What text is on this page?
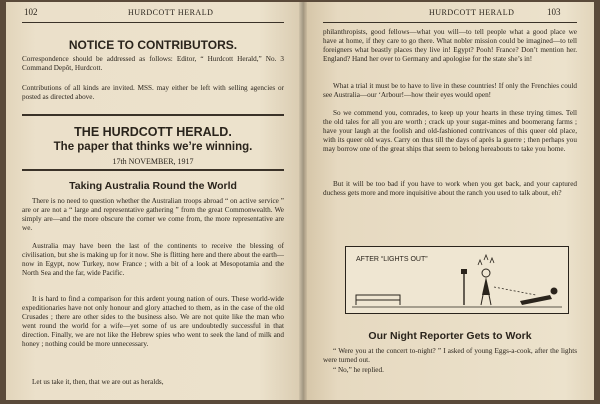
102	HURDCOTT HERALD
NOTICE TO CONTRIBUTORS.
Correspondence should be addressed as follows: Editor, “ Hurdcott Herald,” No. 3 Command Depôt, Hurdcott.
Contributions of all kinds are invited. MSS. may either be left with selling agencies or posted as directed above.
THE HURDCOTT HERALD.
The paper that thinks we’re winning.
17th NOVEMBER, 1917
Taking Australia Round the World
There is no need to question whether the Australian troops abroad “ on active service ” are or are not a “ large and representative gathering ” from the great Commonwealth. We simply are—and the more obscure the corner we come from, the more representative are we.
Australia may have been the last of the continents to receive the blessing of civilisation, but she is making up for it now. She is flitting here and there about the earth—now in Egypt, now Turkey, now France ; with a bit of a look at Mesopotamia and the North Sea and the far, wide Pacific.
It is hard to find a comparison for this ardent young nation of ours. These world-wide expeditionaries have not only honour and glory attached to them, as in the case of the old Crusades ; there are other sides to the business also. We are not quite like the man who went round the world for a wife—yet some of us are undoubtedly successful in that direction. Finally, we are not like the Hebrew spies who went to seek the land of milk and honey ; nothing could be more unnecessary.
Let us take it, then, that we are out as heralds,
HURDCOTT HERALD	103
philanthropists, good fellows—what you will—to tell people what a good place we have at home, if they care to go there. What nobler mission could be imagined—to tell foreigners what beastly places they live in! Egypt? Pooh! France? Don’t mention her. England? Hand her over to Germany and apologise for the state she’s in!
What a trial it must be to have to live in these countries! If only the Frenchies could see Australia—our ‘Arbour!—how their eyes would open!
So we commend you, comrades, to keep up your hearts in these trying times. Tell the old tales for all you are worth ; crack up your sugar-mines and boomerang farms ; have your laugh at the foolish and old-fashioned contrivances of this queer old place, with its queer old ways. Carry on thus till the days of après la guerre ; then perhaps you may borrow one of the great ships that seem to belong hereabouts to take you home.
But it will be too bad if you have to work when you get back, and your captured duchess gets more and more inquisitive about the ranch you used to talk about, eh?
AFTER “LIGHTS OUT”
Our Night Reporter Gets to Work
“ Were you at the concert to-night? ” I asked of young Eggs-a-cook, after the lights were turned out.
“ No,” he replied.
